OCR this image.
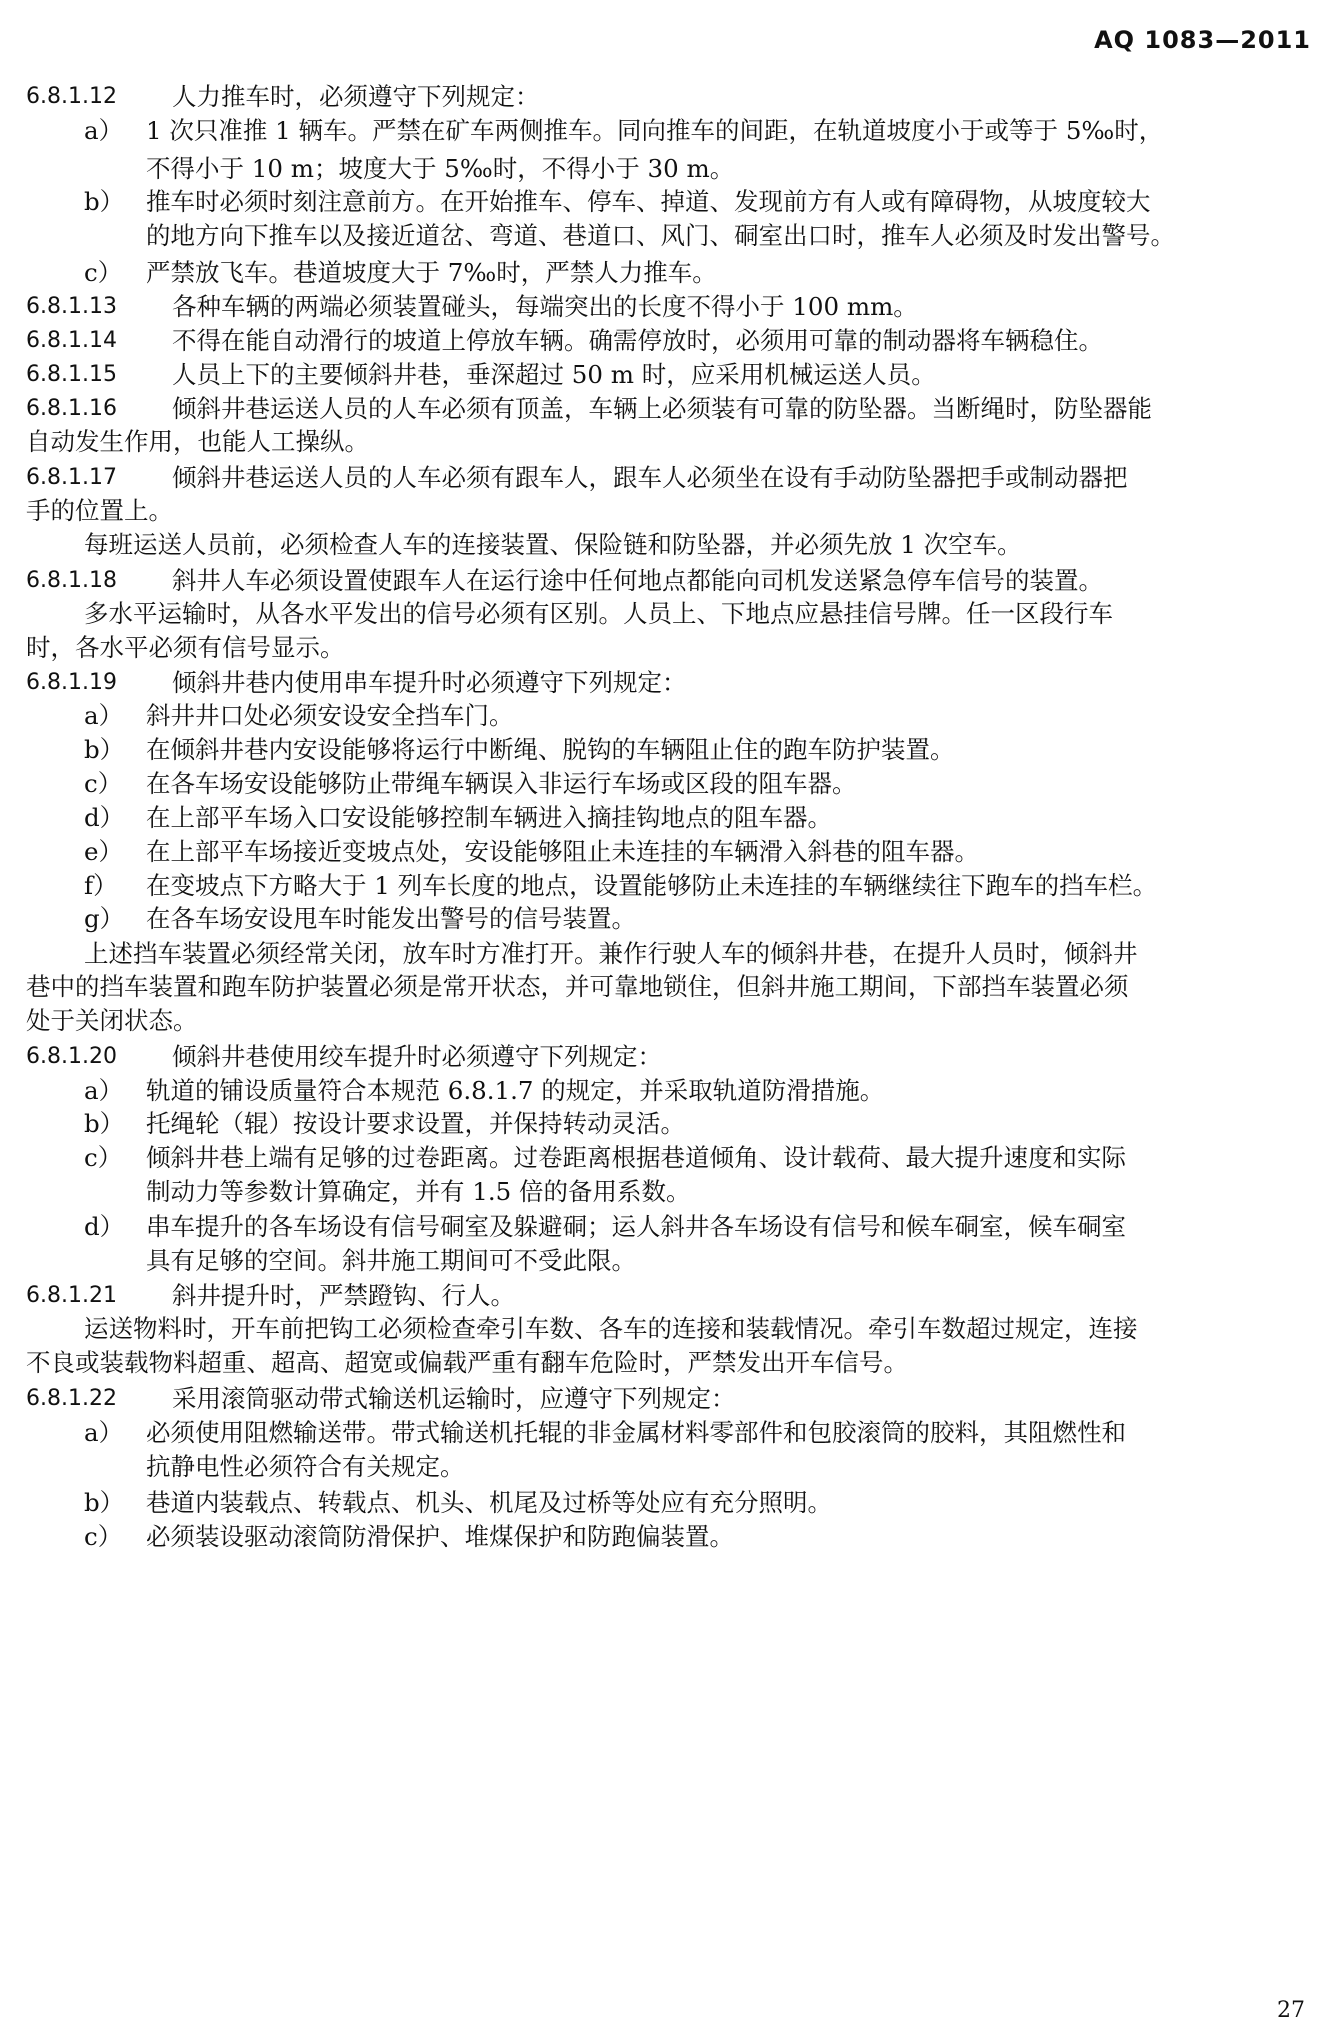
AQ 1083—2011
6.8.1.12 人力推车时，必须遵守下列规定：
a） 1 次只准推 1 辆车。严禁在矿车两侧推车。同向推车的间距，在轨道坡度小于或等于 5‰时，
不得小于 10 m；坡度大于 5‰时，不得小于 30 m。
b） 推车时必须时刻注意前方。在开始推车、停车、掉道、发现前方有人或有障碍物，从坡度较大
的地方向下推车以及接近道岔、弯道、巷道口、风门、硐室出口时，推车人必须及时发出警号。
c） 严禁放飞车。巷道坡度大于 7‰时，严禁人力推车。
6.8.1.13 各种车辆的两端必须装置碰头，每端突出的长度不得小于 100 mm。
6.8.1.14 不得在能自动滑行的坡道上停放车辆。确需停放时，必须用可靠的制动器将车辆稳住。
6.8.1.15 人员上下的主要倾斜井巷，垂深超过 50 m 时，应采用机械运送人员。
6.8.1.16 倾斜井巷运送人员的人车必须有顶盖，车辆上必须装有可靠的防坠器。当断绳时，防坠器能
自动发生作用，也能人工操纵。
6.8.1.17 倾斜井巷运送人员的人车必须有跟车人，跟车人必须坐在设有手动防坠器把手或制动器把
手的位置上。
每班运送人员前，必须检查人车的连接装置、保险链和防坠器，并必须先放 1 次空车。
6.8.1.18 斜井人车必须设置使跟车人在运行途中任何地点都能向司机发送紧急停车信号的装置。
多水平运输时，从各水平发出的信号必须有区别。人员上、下地点应悬挂信号牌。任一区段行车
时，各水平必须有信号显示。
6.8.1.19 倾斜井巷内使用串车提升时必须遵守下列规定：
a） 斜井井口处必须安设安全挡车门。
b） 在倾斜井巷内安设能够将运行中断绳、脱钩的车辆阻止住的跑车防护装置。
c） 在各车场安设能够防止带绳车辆误入非运行车场或区段的阻车器。
d） 在上部平车场入口安设能够控制车辆进入摘挂钩地点的阻车器。
e） 在上部平车场接近变坡点处，安设能够阻止未连挂的车辆滑入斜巷的阻车器。
f） 在变坡点下方略大于 1 列车长度的地点，设置能够防止未连挂的车辆继续往下跑车的挡车栏。
g） 在各车场安设甩车时能发出警号的信号装置。
上述挡车装置必须经常关闭，放车时方准打开。兼作行驶人车的倾斜井巷，在提升人员时，倾斜井
巷中的挡车装置和跑车防护装置必须是常开状态，并可靠地锁住，但斜井施工期间，下部挡车装置必须
处于关闭状态。
6.8.1.20 倾斜井巷使用绞车提升时必须遵守下列规定：
a） 轨道的铺设质量符合本规范 6.8.1.7 的规定，并采取轨道防滑措施。
b） 托绳轮（辊）按设计要求设置，并保持转动灵活。
c） 倾斜井巷上端有足够的过卷距离。过卷距离根据巷道倾角、设计载荷、最大提升速度和实际
制动力等参数计算确定，并有 1.5 倍的备用系数。
d） 串车提升的各车场设有信号硐室及躲避硐；运人斜井各车场设有信号和候车硐室，候车硐室
具有足够的空间。斜井施工期间可不受此限。
6.8.1.21 斜井提升时，严禁蹬钩、行人。
运送物料时，开车前把钩工必须检查牵引车数、各车的连接和装载情况。牵引车数超过规定，连接
不良或装载物料超重、超高、超宽或偏载严重有翻车危险时，严禁发出开车信号。
6.8.1.22 采用滚筒驱动带式输送机运输时，应遵守下列规定：
a） 必须使用阻燃输送带。带式输送机托辊的非金属材料零部件和包胶滚筒的胶料，其阻燃性和
抗静电性必须符合有关规定。
b） 巷道内装载点、转载点、机头、机尾及过桥等处应有充分照明。
c） 必须装设驱动滚筒防滑保护、堆煤保护和防跑偏装置。
27
